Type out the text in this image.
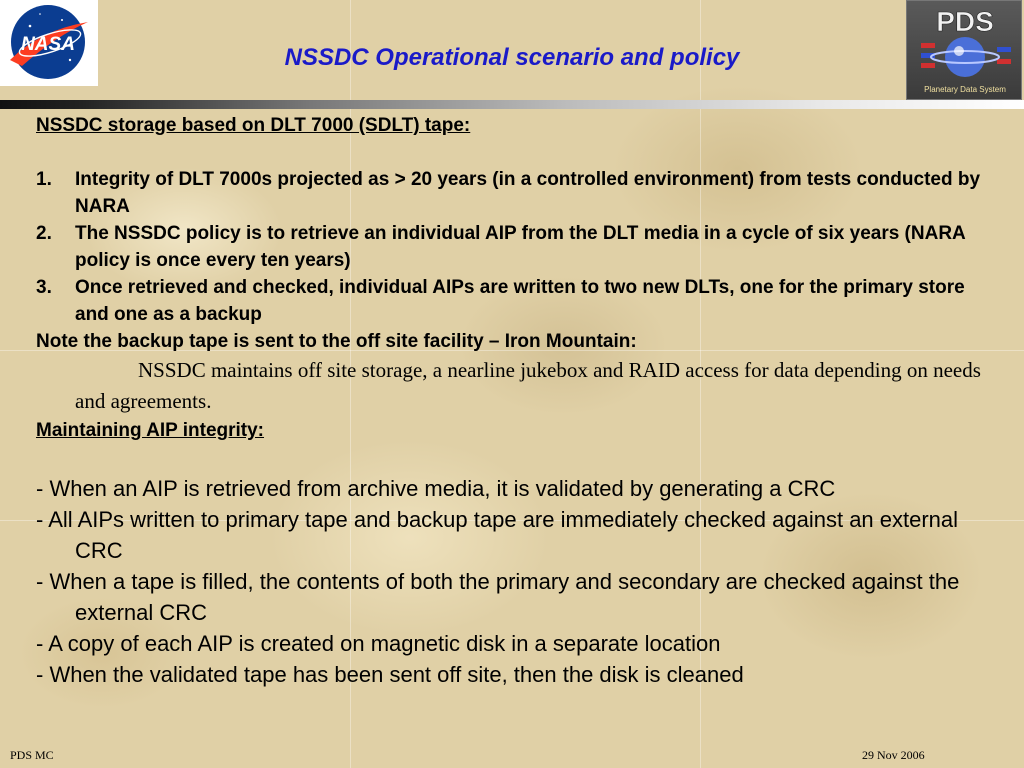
NASA
PDS
Planetary Data System
NSSDC Operational scenario and policy
NSSDC storage based on DLT 7000 (SDLT) tape:
1. Integrity of DLT 7000s projected as > 20 years (in a controlled environment) from tests conducted by NARA
2. The NSSDC policy is to retrieve an individual AIP from the DLT media in a cycle of six years (NARA policy is once every ten years)
3. Once retrieved and checked, individual AIPs are written to two new DLTs, one for the primary store and one as a backup
Note the backup tape is sent to the off site facility – Iron Mountain:
NSSDC maintains off site storage, a nearline jukebox and RAID access for data depending on needs and agreements.
Maintaining AIP integrity:
- When an AIP is retrieved from archive media, it is validated by generating a CRC
- All AIPs written to primary tape and backup tape are immediately checked against an external CRC
- When a tape is filled, the contents of both the primary and secondary are checked against the external CRC
- A copy of each AIP is created on magnetic disk in a separate location
- When the validated tape has been sent off site, then the disk is cleaned
PDS MC	29 Nov 2006
